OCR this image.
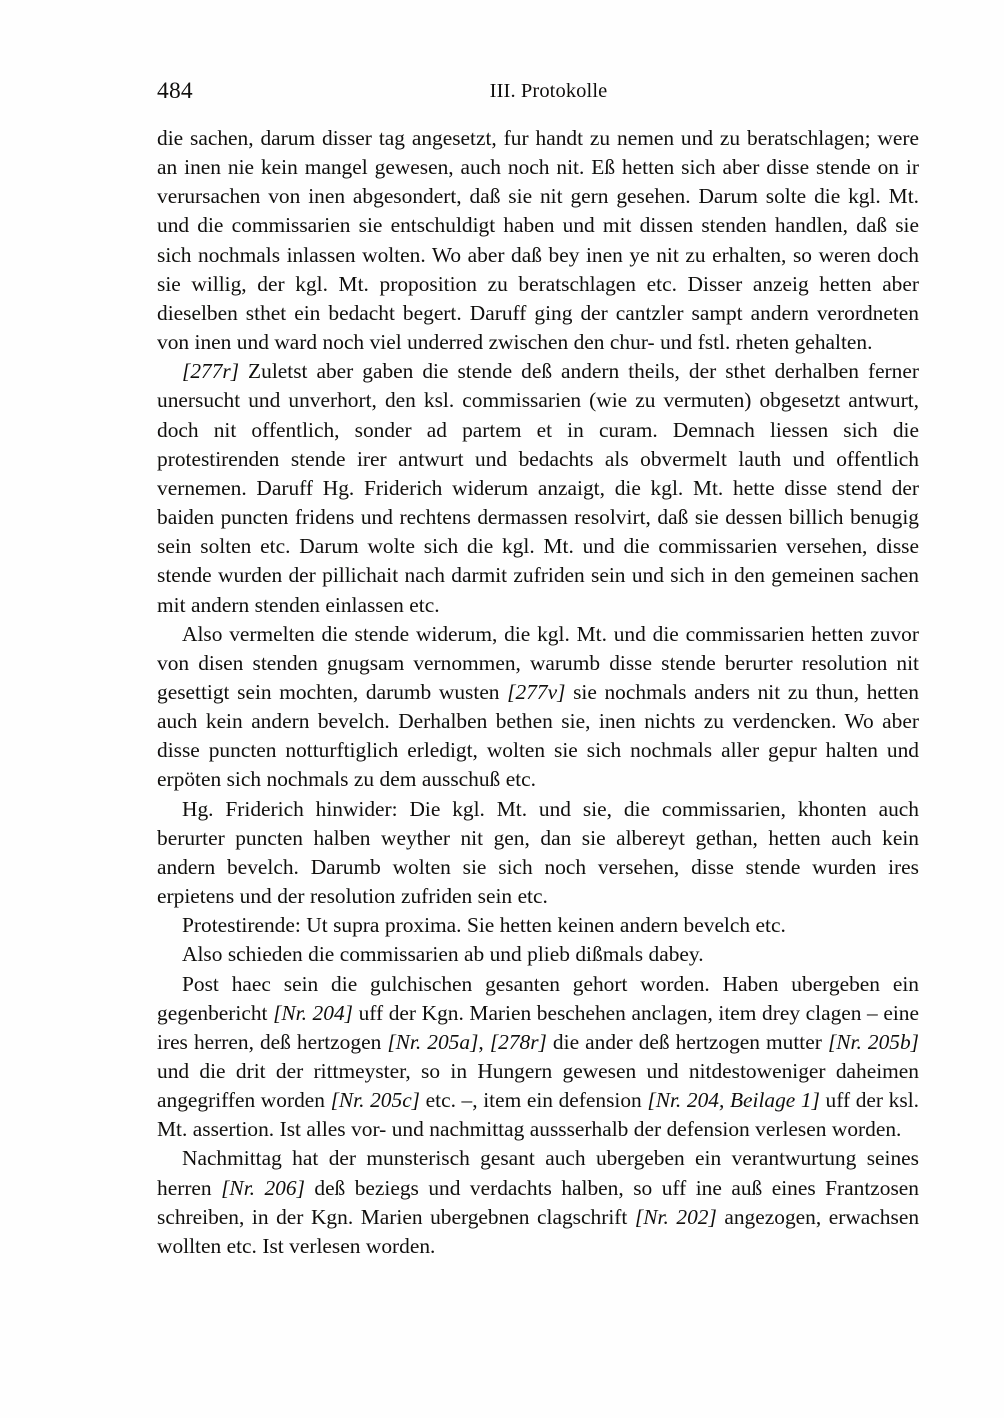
484	III. Protokolle

die sachen, darum disser tag angesetzt, fur handt zu nemen und zu beratschlagen; were an inen nie kein mangel gewesen, auch noch nit. Eß hetten sich aber disse stende on ir verursachen von inen abgesondert, daß sie nit gern gesehen. Darum solte die kgl. Mt. und die commissarien sie entschuldigt haben und mit dissen stenden handlen, daß sie sich nochmals inlassen wolten. Wo aber daß bey inen ye nit zu erhalten, so weren doch sie willig, der kgl. Mt. proposition zu beratschlagen etc. Disser anzeig hetten aber dieselben sthet ein bedacht begert. Daruff ging der cantzler sampt andern verordneten von inen und ward noch viel underred zwischen den chur- und fstl. rheten gehalten.

[277r] Zuletst aber gaben die stende deß andern theils, der sthet derhalben ferner unersucht und unverhort, den ksl. commissarien (wie zu vermuten) obgesetzt antwurt, doch nit offentlich, sonder ad partem et in curam. Demnach liessen sich die protestirenden stende irer antwurt und bedachts als obvermelt lauth und offentlich vernemen. Daruff Hg. Friderich widerum anzaigt, die kgl. Mt. hette disse stend der baiden puncten fridens und rechtens dermassen resolvirt, daß sie dessen billich benugig sein solten etc. Darum wolte sich die kgl. Mt. und die commissarien versehen, disse stende wurden der pillichait nach darmit zufriden sein und sich in den gemeinen sachen mit andern stenden einlassen etc.

Also vermelten die stende widerum, die kgl. Mt. und die commissarien hetten zuvor von disen stenden gnugsam vernommen, warumb disse stende berurter resolution nit gesettigt sein mochten, darumb wusten [277v] sie nochmals anders nit zu thun, hetten auch kein andern bevelch. Derhalben bethen sie, inen nichts zu verdencken. Wo aber disse puncten notturftiglich erledigt, wolten sie sich nochmals aller gepur halten und erpöten sich nochmals zu dem ausschuß etc.

Hg. Friderich hinwider: Die kgl. Mt. und sie, die commissarien, khonten auch berurter puncten halben weyther nit gen, dan sie albereyt gethan, hetten auch kein andern bevelch. Darumb wolten sie sich noch versehen, disse stende wurden ires erpietens und der resolution zufriden sein etc.

Protestirende: Ut supra proxima. Sie hetten keinen andern bevelch etc.

Also schieden die commissarien ab und plieb dißmals dabey.

Post haec sein die gulchischen gesanten gehort worden. Haben ubergeben ein gegenbericht [Nr. 204] uff der Kgn. Marien beschehen anclagen, item drey clagen – eine ires herren, deß hertzogen [Nr. 205a], [278r] die ander deß hertzogen mutter [Nr. 205b] und die drit der rittmeyster, so in Hungern gewesen und nitdestoweniger daheimen angegriffen worden [Nr. 205c] etc. –, item ein defension [Nr. 204, Beilage 1] uff der ksl. Mt. assertion. Ist alles vor- und nachmittag aussserhalb der defension verlesen worden.

Nachmittag hat der munsterisch gesant auch ubergeben ein verantwurtung seines herren [Nr. 206] deß beziegs und verdachts halben, so uff ine auß eines Frantzosen schreiben, in der Kgn. Marien ubergebnen clagschrift [Nr. 202] angezogen, erwachsen wollten etc. Ist verlesen worden.
